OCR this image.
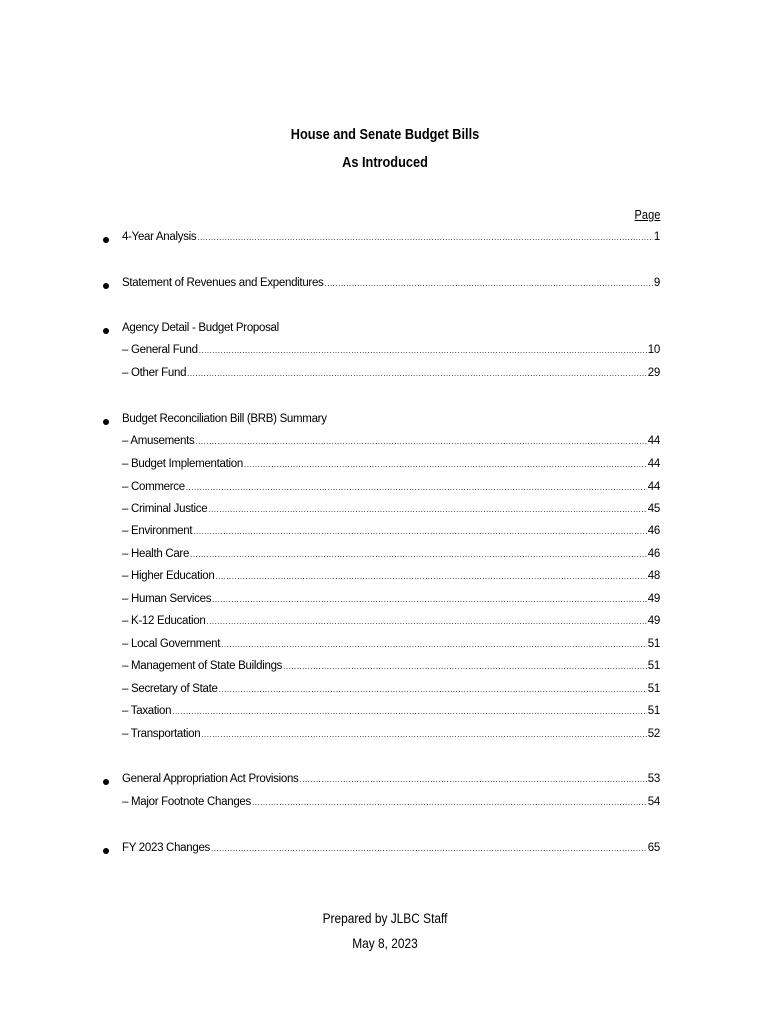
House and Senate Budget Bills
As Introduced
Page
4-Year Analysis .....	1
Statement of Revenues and Expenditures .....	9
Agency Detail - Budget Proposal
– General Fund .....	10
– Other Fund .....	29
Budget Reconciliation Bill (BRB) Summary
– Amusements .....	44
– Budget Implementation .....	44
– Commerce .....	44
– Criminal Justice .....	45
– Environment .....	46
– Health Care .....	46
– Higher Education .....	48
– Human Services .....	49
– K-12 Education .....	49
– Local Government .....	51
– Management of State Buildings .....	51
– Secretary of State .....	51
– Taxation .....	51
– Transportation .....	52
General Appropriation Act Provisions .....	53
– Major Footnote Changes .....	54
FY 2023 Changes .....	65
Prepared by JLBC Staff
May 8, 2023
